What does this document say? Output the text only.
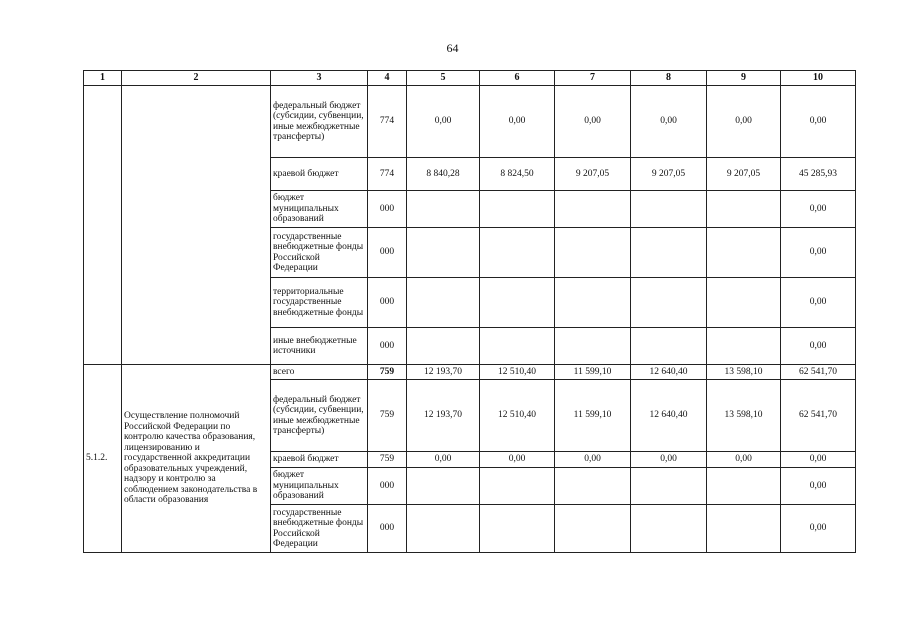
64
1	2	3	4	5	6	7	8	9	10
		федеральный бюджет (субсидии, субвенции, иные межбюджетные трансферты)	774	0,00	0,00	0,00	0,00	0,00	0,00
		краевой бюджет	774	8 840,28	8 824,50	9 207,05	9 207,05	9 207,05	45 285,93
		бюджет муниципальных образований	000						0,00
		государственные внебюджетные фонды Российской Федерации	000						0,00
		территориальные государственные внебюджетные фонды	000						0,00
		иные внебюджетные источники	000						0,00
5.1.2.	Осуществление полномочий Российской Федерации по контролю качества образования, лицензированию и государственной аккредитации образовательных учреждений, надзору и контролю за соблюдением законодательства в области образования	всего	759	12 193,70	12 510,40	11 599,10	12 640,40	13 598,10	62 541,70
		федеральный бюджет (субсидии, субвенции, иные межбюджетные трансферты)	759	12 193,70	12 510,40	11 599,10	12 640,40	13 598,10	62 541,70
		краевой бюджет	759	0,00	0,00	0,00	0,00	0,00	0,00
		бюджет муниципальных образований	000						0,00
		государственные внебюджетные фонды Российской Федерации	000						0,00
